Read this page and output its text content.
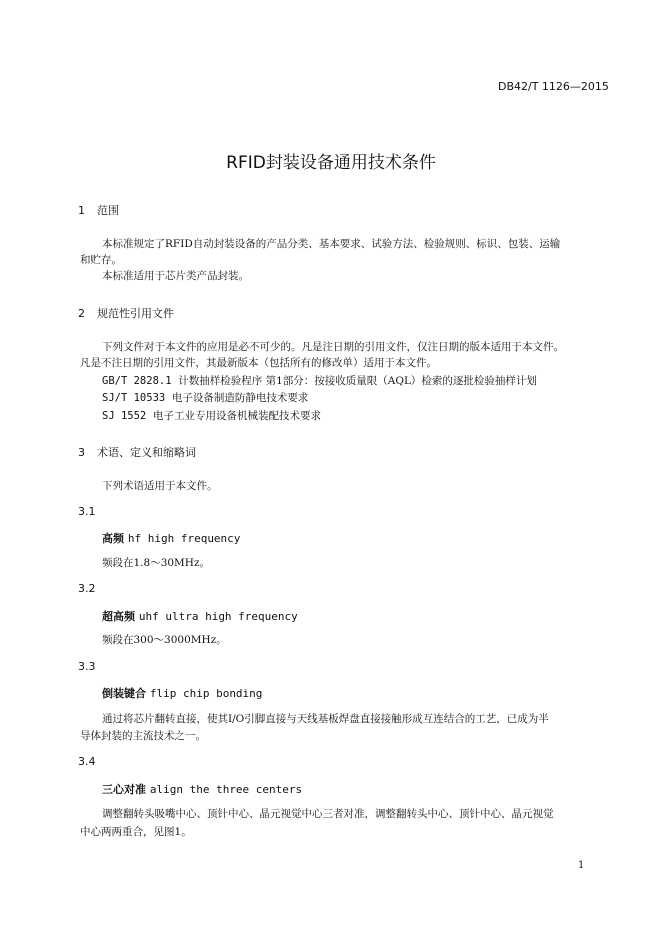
DB42/T 1126—2015
RFID封装设备通用技术条件
1 范围
本标准规定了RFID自动封装设备的产品分类、基本要求、试验方法、检验规则、标识、包装、运输
和贮存。
本标准适用于芯片类产品封装。
2 规范性引用文件
下列文件对于本文件的应用是必不可少的。凡是注日期的引用文件，仅注日期的版本适用于本文件。
凡是不注日期的引用文件，其最新版本（包括所有的修改单）适用于本文件。
GB/T 2828.1 计数抽样检验程序 第1部分：按接收质量限（AQL）检索的逐批检验抽样计划
SJ/T 10533 电子设备制造防静电技术要求
SJ 1552 电子工业专用设备机械装配技术要求
3 术语、定义和缩略词
下列术语适用于本文件。
3.1
高频 hf high frequency
频段在1.8～30MHz。
3.2
超高频 uhf ultra high frequency
频段在300～3000MHz。
3.3
倒装键合 flip chip bonding
通过将芯片翻转直接，使其I/O引脚直接与天线基板焊盘直接接触形成互连结合的工艺，已成为半
导体封装的主流技术之一。
3.4
三心对准 align the three centers
调整翻转头吸嘴中心、顶针中心、晶元视觉中心三者对准，调整翻转头中心、顶针中心、晶元视觉
中心两两重合，见图1。
1
